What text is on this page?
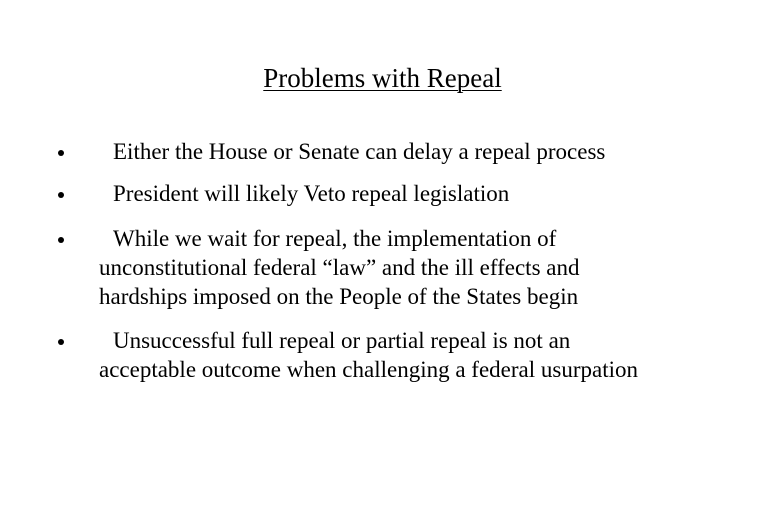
Problems with Repeal
Either the House or Senate can delay a repeal process
President will likely Veto repeal legislation
While we wait for repeal, the implementation of
unconstitutional federal “law” and the ill effects and
hardships imposed on the People of the States begin
Unsuccessful full repeal or partial repeal is not an
acceptable outcome when challenging a federal usurpation
